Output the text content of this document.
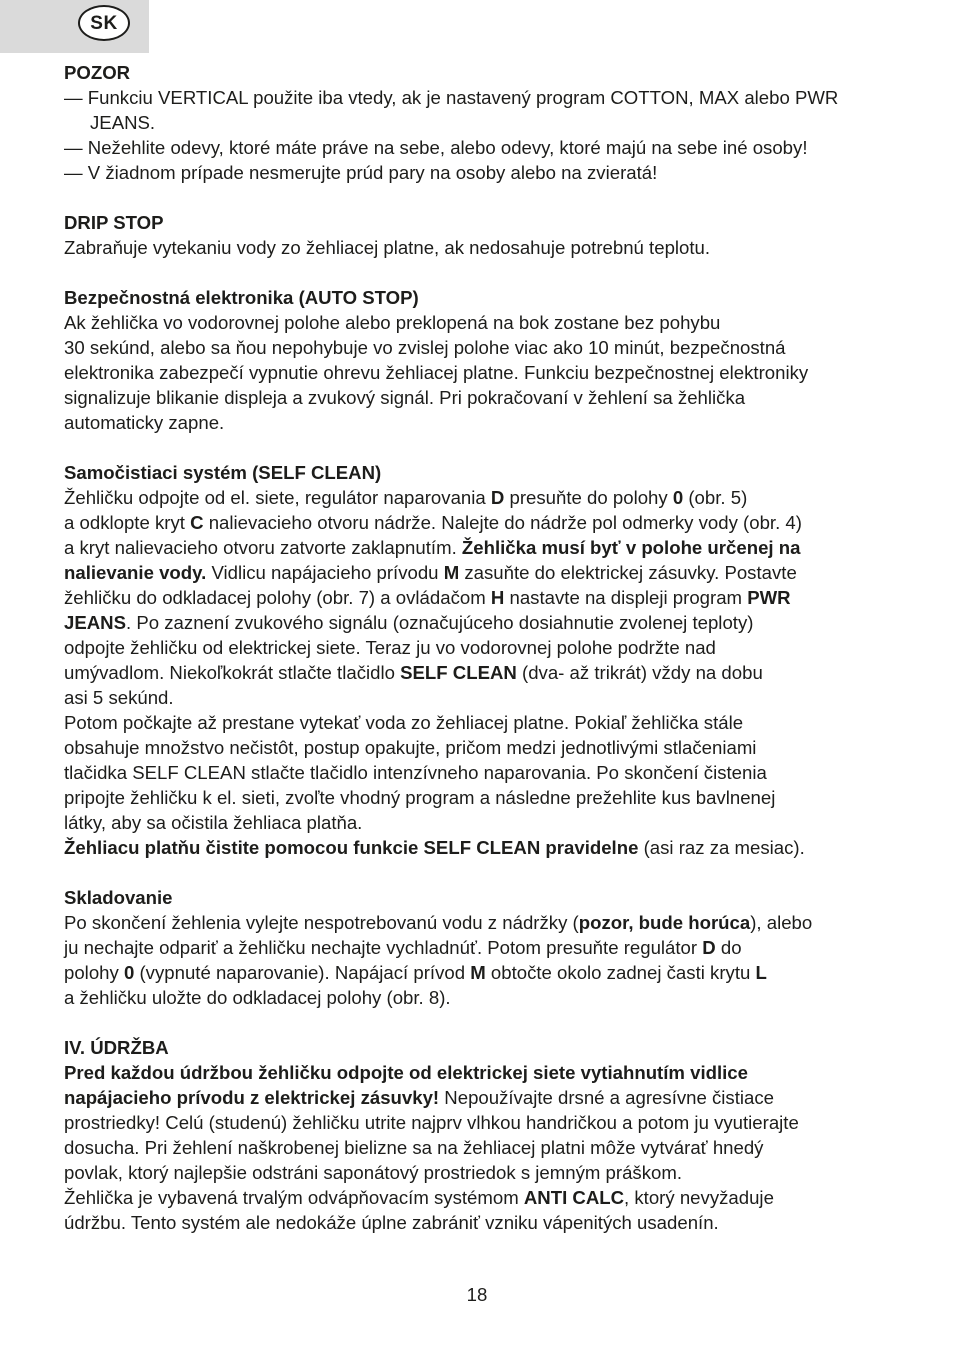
SK

POZOR

— Funkciu VERTICAL použite iba vtedy, ak je nastavený program COTTON, MAX alebo PWR JEANS.

— Nežehlite odevy, ktoré máte práve na sebe, alebo odevy, ktoré majú na sebe iné osoby!

— V žiadnom prípade nesmerujte prúd pary na osoby alebo na zvieratá!

DRIP STOP

Zabraňuje vytekaniu vody zo žehliacej platne, ak nedosahuje potrebnú teplotu.

Bezpečnostná elektronika (AUTO STOP)

Ak žehlička vo vodorovnej polohe alebo preklopená na bok zostane bez pohybu

30 sekúnd, alebo sa ňou nepohybuje vo zvislej polohe viac ako 10 minút, bezpečnostná

elektronika zabezpečí vypnutie ohrevu žehliacej platne. Funkciu bezpečnostnej elektroniky

signalizuje blikanie displeja a zvukový signál. Pri pokračovaní v žehlení sa žehlička

automaticky zapne.

Samočistiaci systém (SELF CLEAN)

Žehličku odpojte od el. siete, regulátor naparovania D presuňte do polohy 0 (obr. 5)

a odklopte kryt C nalievacieho otvoru nádrže. Nalejte do nádrže pol odmerky vody (obr. 4)

a kryt nalievacieho otvoru zatvorte zaklapnutím. Žehlička musí byť v polohe určenej na

nalievanie vody. Vidlicu napájacieho prívodu M zasuňte do elektrickej zásuvky. Postavte

žehličku do odkladacej polohy (obr. 7) a ovládačom H nastavte na displeji program PWR

JEANS. Po zaznení zvukového signálu (označujúceho dosiahnutie zvolenej teploty)

odpojte žehličku od elektrickej siete. Teraz ju vo vodorovnej polohe podržte nad

umývadlom. Niekoľkokrát stlačte tlačidlo SELF CLEAN (dva- až trikrát) vždy na dobu

asi 5 sekúnd.

Potom počkajte až prestane vytekať voda zo žehliacej platne. Pokiaľ žehlička stále

obsahuje množstvo nečistôt, postup opakujte, pričom medzi jednotlivými stlačeniami

tlačidka SELF CLEAN stlačte tlačidlo intenzívneho naparovania. Po skončení čistenia

pripojte žehličku k el. sieti, zvoľte vhodný program a následne prežehlite kus bavlnenej

látky, aby sa očistila žehliaca platňa.

Žehliacu platňu čistite pomocou funkcie SELF CLEAN pravidelne (asi raz za mesiac).

Skladovanie

Po skončení žehlenia vylejte nespotrebovanú vodu z nádržky (pozor, bude horúca), alebo

ju nechajte odpariť a žehličku nechajte vychladnúť. Potom presuňte regulátor D do

polohy 0 (vypnuté naparovanie). Napájací prívod M obtočte okolo zadnej časti krytu L

a žehličku uložte do odkladacej polohy (obr. 8).

IV. ÚDRŽBA

Pred každou údržbou žehličku odpojte od elektrickej siete vytiahnutím vidlice

napájacieho prívodu z elektrickej zásuvky! Nepoužívajte drsné a agresívne čistiace

prostriedky! Celú (studenú) žehličku utrite najprv vlhkou handričkou a potom ju vyutierajte

dosucha. Pri žehlení naškrobenej bielizne sa na žehliacej platni môže vytvárať hnedý

povlak, ktorý najlepšie odstráni saponátový prostriedok s jemným práškom.

Žehlička je vybavená trvalým odvápňovacím systémom ANTI CALC, ktorý nevyžaduje

údržbu. Tento systém ale nedokáže úplne zabrániť vzniku vápenitých usadenín.

18
